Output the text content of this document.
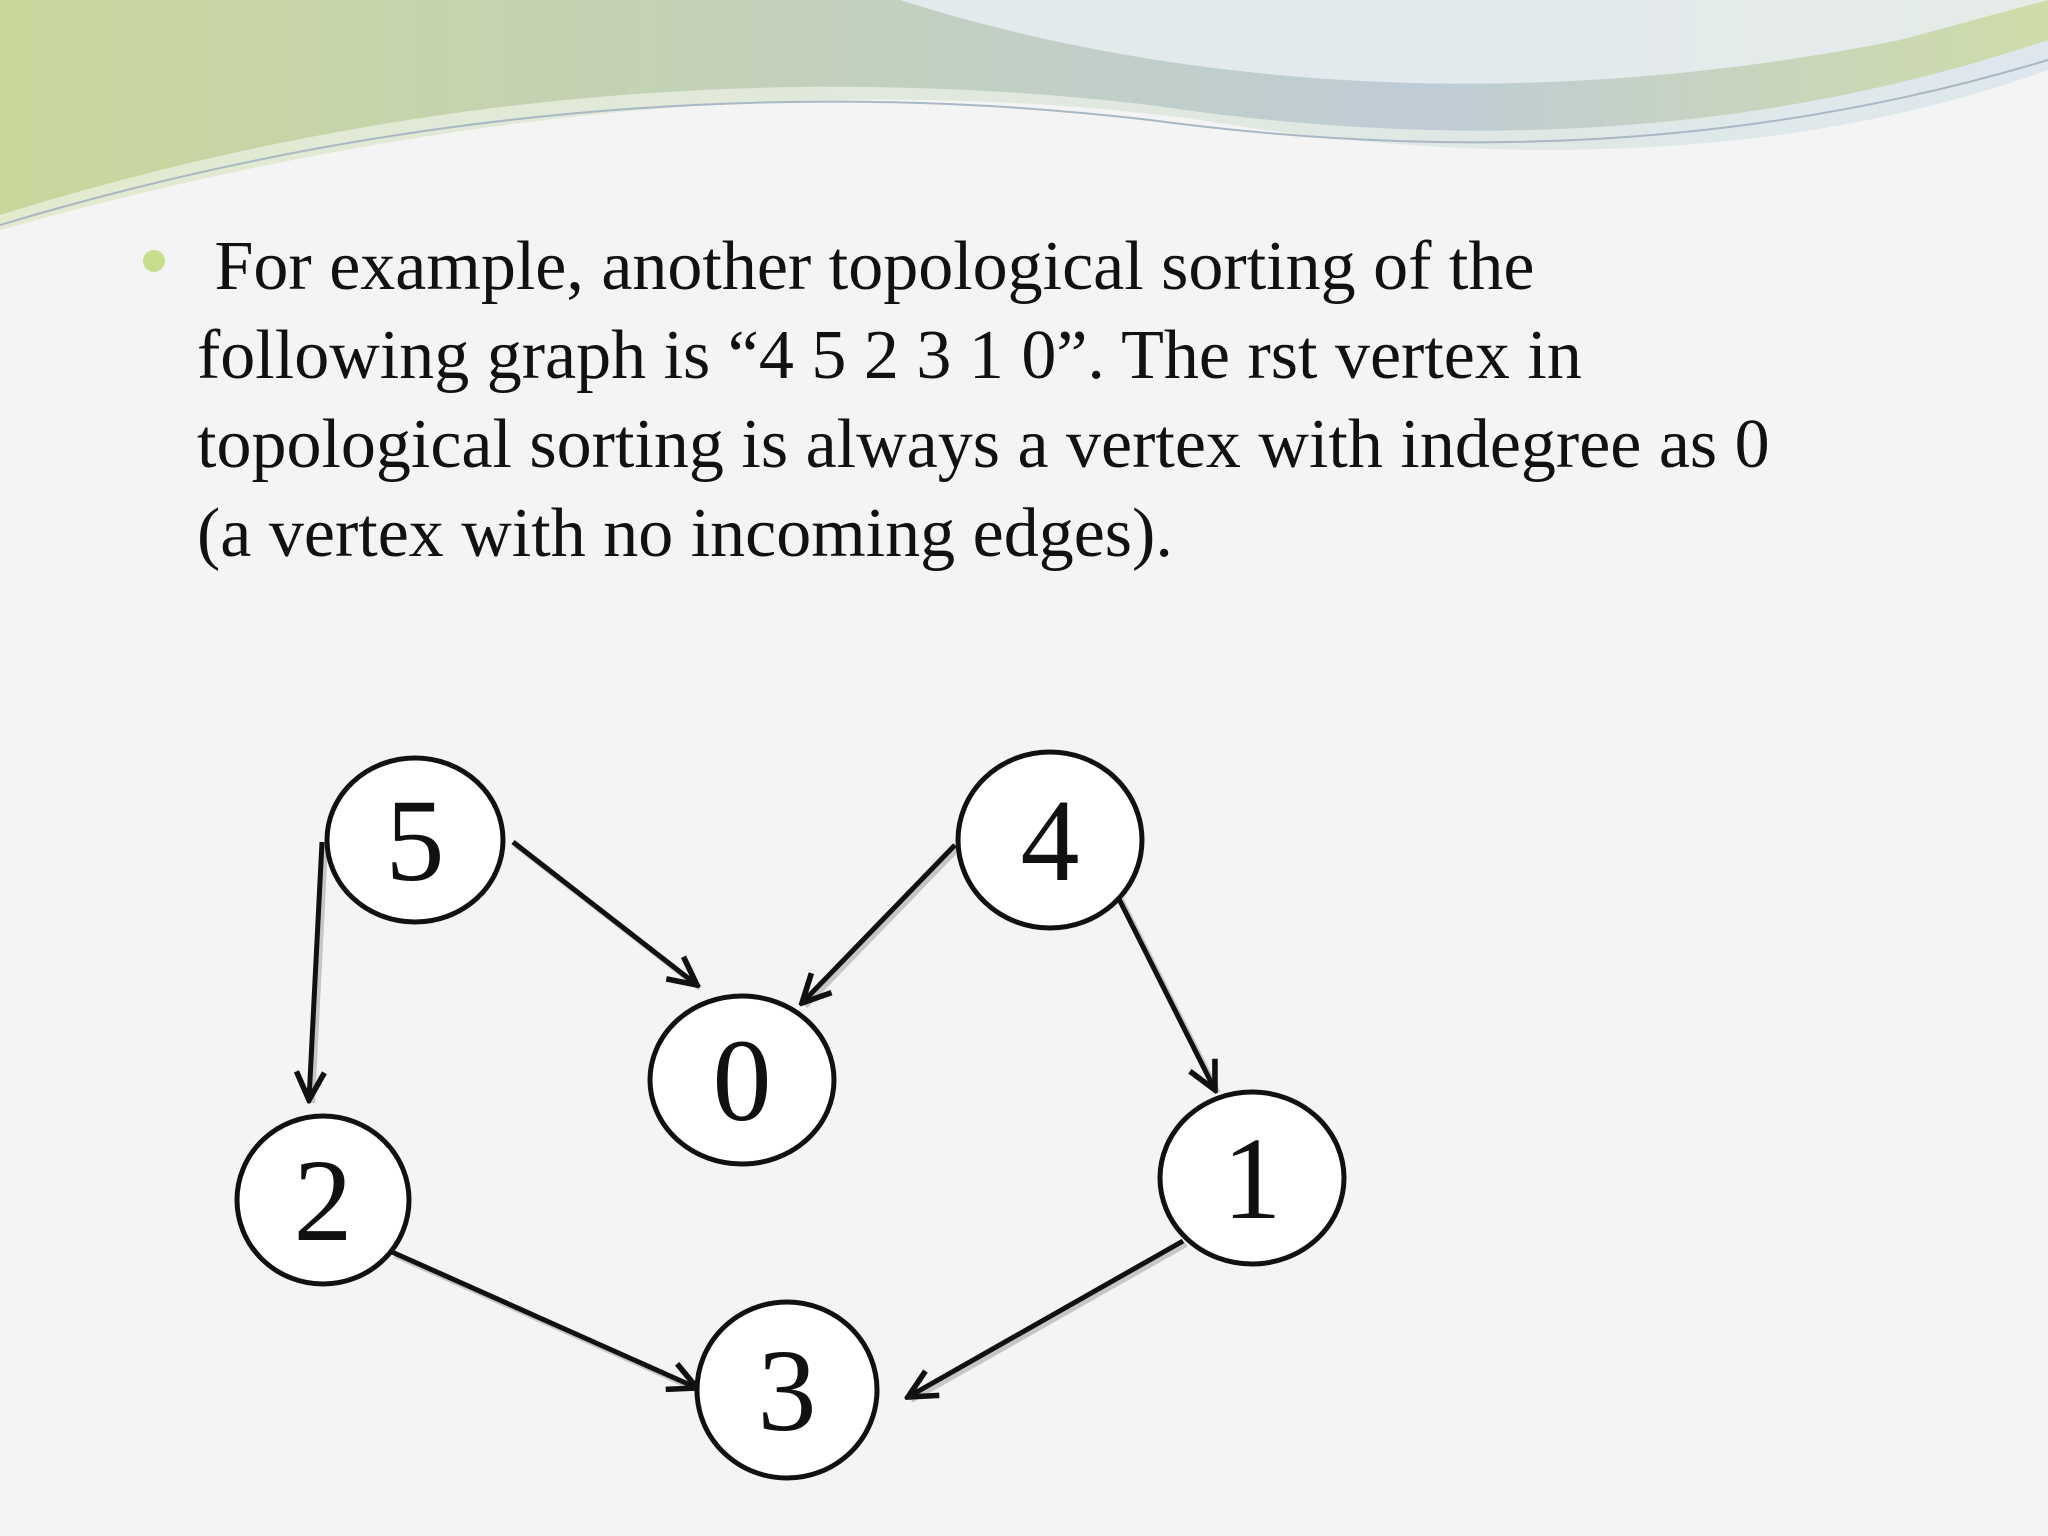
For example, another topological sorting of the
following graph is “4 5 2 3 1 0”. The rst vertex in
topological sorting is always a vertex with indegree as 0
(a vertex with no incoming edges).

5	4
0
2	1
3
